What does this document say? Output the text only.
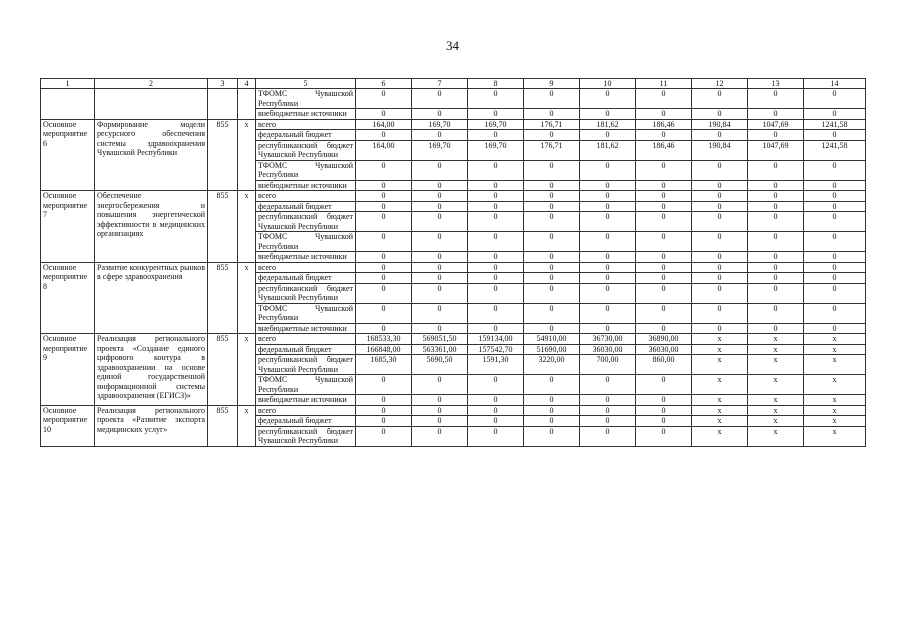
34
1	2	3	4	5	6	7	8	9	10	11	12	13	14
				ТФОМС Чувашской Республики	0	0	0	0	0	0	0	0	0
				внебюджетные источники	0	0	0	0	0	0	0	0	0
Основное мероприятие 6	Формирование модели ресурсного обеспечения системы здравоохранения Чувашской Республики	855	x	всего	164,00	169,70	169,70	176,71	181,62	186,46	190,84	1047,69	1241,58
				федеральный бюджет	0	0	0	0	0	0	0	0	0
				республиканский бюджет Чувашской Республики	164,00	169,70	169,70	176,71	181,62	186,46	190,84	1047,69	1241,58
				ТФОМС Чувашской Республики	0	0	0	0	0	0	0	0	0
				внебюджетные источники	0	0	0	0	0	0	0	0	0
Основное мероприятие 7	Обеспечение энергосбережения и повышения энергетической эффективности в медицинских организациях	855	x	всего	0	0	0	0	0	0	0	0	0
				федеральный бюджет	0	0	0	0	0	0	0	0	0
				республиканский бюджет Чувашской Республики	0	0	0	0	0	0	0	0	0
				ТФОМС Чувашской Республики	0	0	0	0	0	0	0	0	0
				внебюджетные источники	0	0	0	0	0	0	0	0	0
Основное мероприятие 8	Развитие конкурентных рынков в сфере здравоохранения	855	x	всего	0	0	0	0	0	0	0	0	0
				федеральный бюджет	0	0	0	0	0	0	0	0	0
				республиканский бюджет Чувашской Республики	0	0	0	0	0	0	0	0	0
				ТФОМС Чувашской Республики	0	0	0	0	0	0	0	0	0
				внебюджетные источники	0	0	0	0	0	0	0	0	0
Основное мероприятие 9	Реализация регионального проекта «Создание единого цифрового контура в здравоохранении на основе единой государственной информационной системы здравоохранения (ЕГИСЗ)»	855	x	всего	168533,30	569051,50	159134,00	54910,00	36730,00	36890,00	x	x	x
				федеральный бюджет	166848,00	563361,00	157542,70	51690,00	36030,00	36030,00	x	x	x
				республиканский бюджет Чувашской Республики	1685,30	5690,50	1591,30	3220,00	700,00	860,00	x	x	x
				ТФОМС Чувашской Республики	0	0	0	0	0	0	x	x	x
				внебюджетные источники	0	0	0	0	0	0	x	x	x
Основное мероприятие 10	Реализация регионального проекта «Развитие экспорта медицинских услуг»	855	x	всего	0	0	0	0	0	0	x	x	x
				федеральный бюджет	0	0	0	0	0	0	x	x	x
				республиканский бюджет Чувашской Республики	0	0	0	0	0	0	x	x	x
